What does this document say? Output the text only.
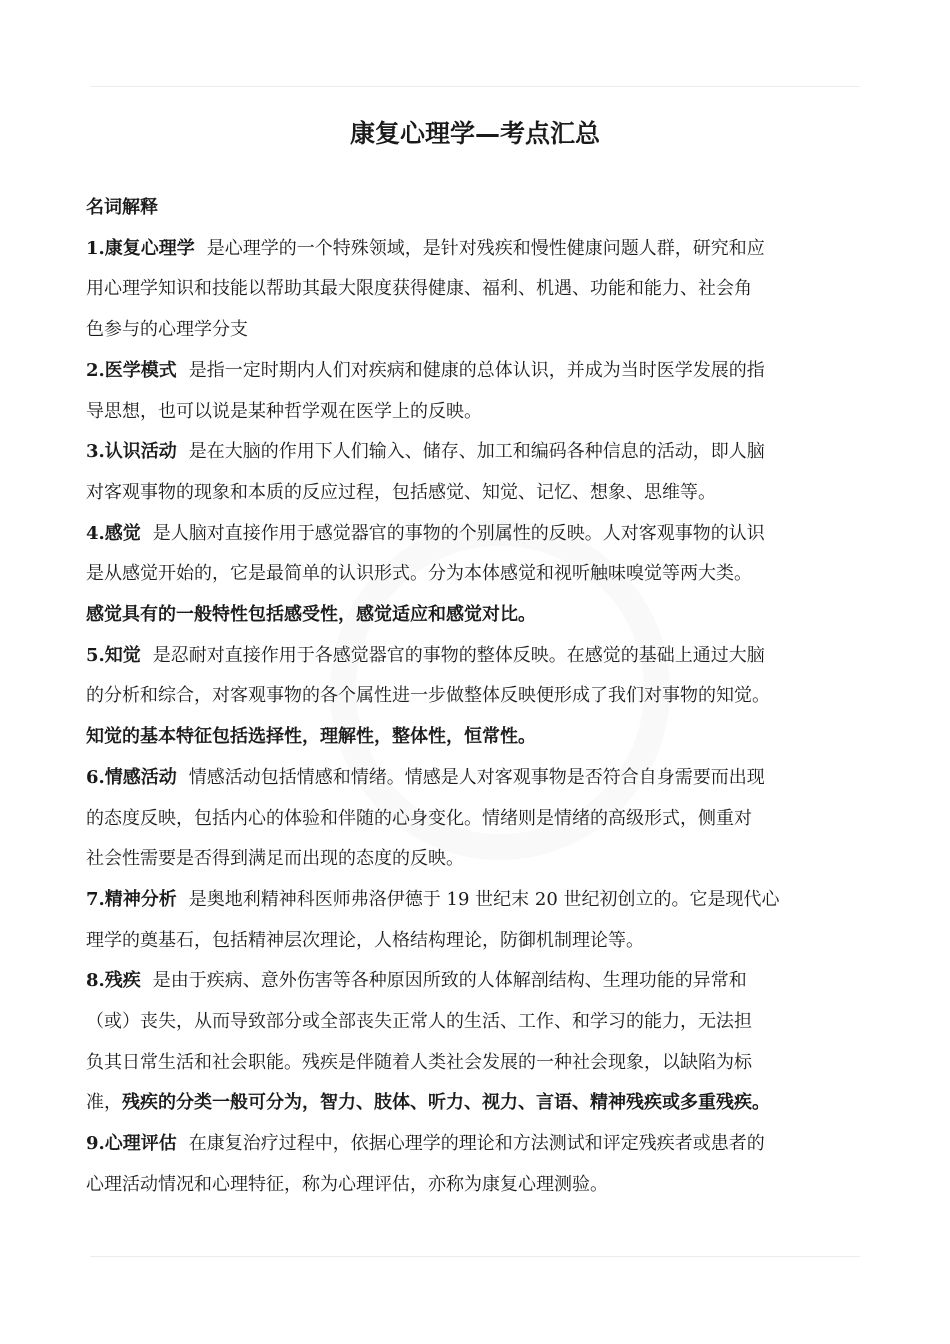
康复心理学—考点汇总

名词解释

1.康复心理学 是心理学的一个特殊领域，是针对残疾和慢性健康问题人群，研究和应

用心理学知识和技能以帮助其最大限度获得健康、福利、机遇、功能和能力、社会角

色参与的心理学分支

2.医学模式 是指一定时期内人们对疾病和健康的总体认识，并成为当时医学发展的指

导思想，也可以说是某种哲学观在医学上的反映。

3.认识活动 是在大脑的作用下人们输入、储存、加工和编码各种信息的活动，即人脑

对客观事物的现象和本质的反应过程，包括感觉、知觉、记忆、想象、思维等。

4.感觉 是人脑对直接作用于感觉器官的事物的个别属性的反映。人对客观事物的认识

是从感觉开始的，它是最简单的认识形式。分为本体感觉和视听触味嗅觉等两大类。

感觉具有的一般特性包括感受性，感觉适应和感觉对比。

5.知觉 是忍耐对直接作用于各感觉器官的事物的整体反映。在感觉的基础上通过大脑

的分析和综合，对客观事物的各个属性进一步做整体反映便形成了我们对事物的知觉。

知觉的基本特征包括选择性，理解性，整体性，恒常性。

6.情感活动 情感活动包括情感和情绪。情感是人对客观事物是否符合自身需要而出现

的态度反映，包括内心的体验和伴随的心身变化。情绪则是情绪的高级形式，侧重对

社会性需要是否得到满足而出现的态度的反映。

7.精神分析 是奥地利精神科医师弗洛伊德于 19 世纪末 20 世纪初创立的。它是现代心

理学的奠基石，包括精神层次理论，人格结构理论，防御机制理论等。

8.残疾 是由于疾病、意外伤害等各种原因所致的人体解剖结构、生理功能的异常和

（或）丧失，从而导致部分或全部丧失正常人的生活、工作、和学习的能力，无法担

负其日常生活和社会职能。残疾是伴随着人类社会发展的一种社会现象，以缺陷为标

准，残疾的分类一般可分为，智力、肢体、听力、视力、言语、精神残疾或多重残疾。

9.心理评估 在康复治疗过程中，依据心理学的理论和方法测试和评定残疾者或患者的

心理活动情况和心理特征，称为心理评估，亦称为康复心理测验。
